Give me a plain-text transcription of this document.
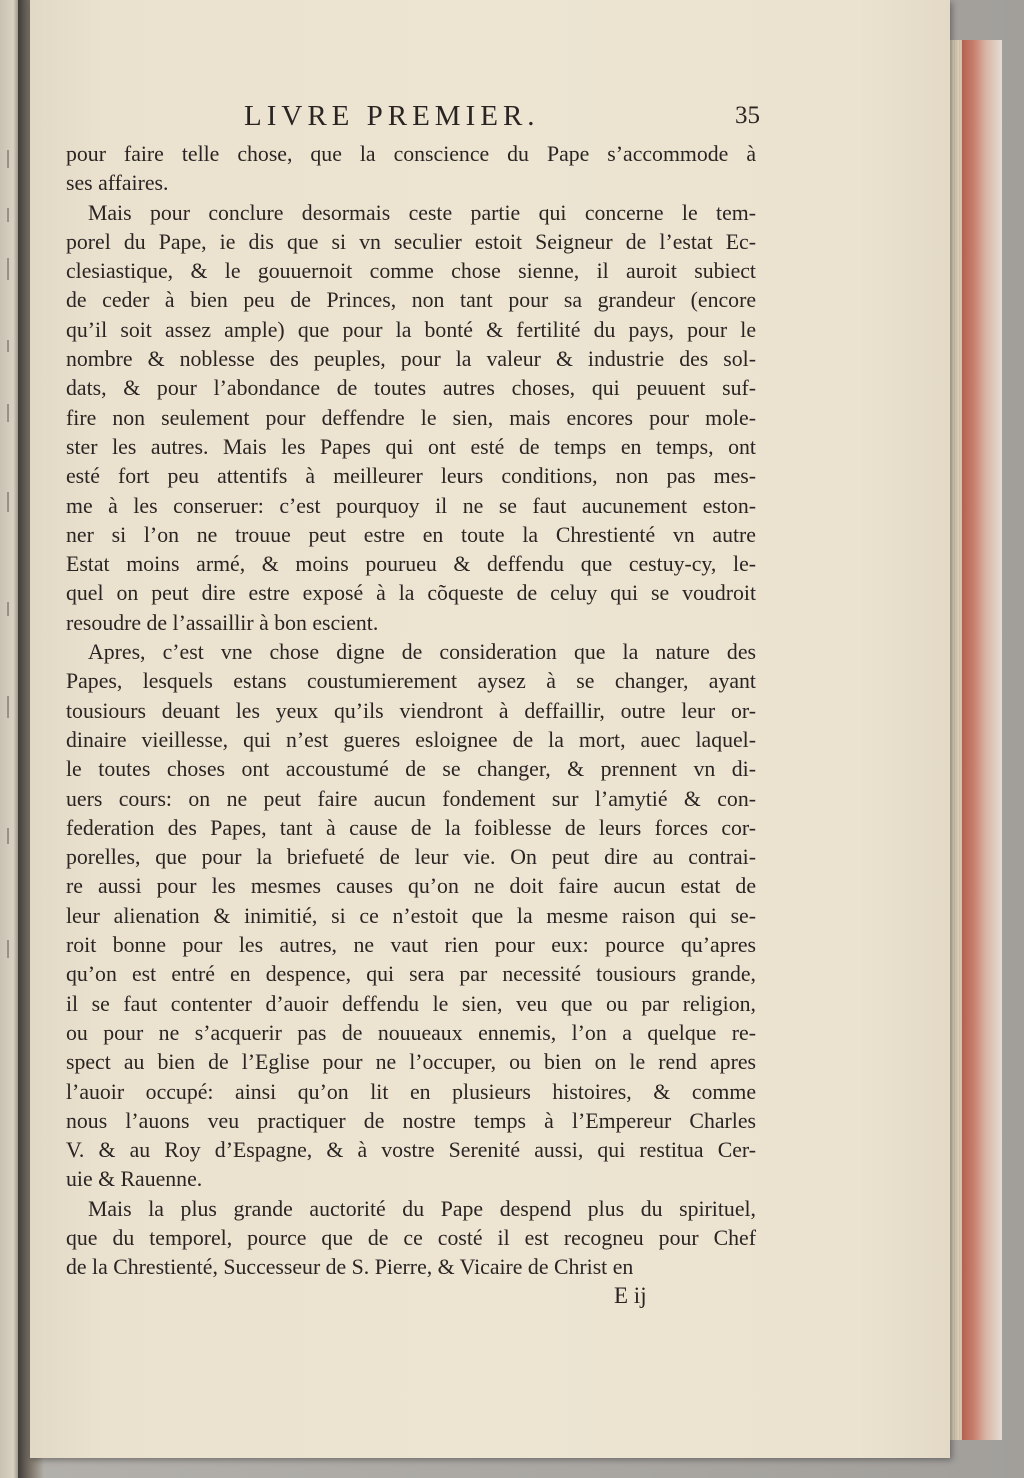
LIVRE PREMIER.	35

pour faire telle chose, que la conscience du Pape s’accommode à
ses affaires.

Mais pour conclure desormais ceste partie qui concerne le tem-
porel du Pape, ie dis que si vn seculier estoit Seigneur de l’estat Ec-
clesiastique, & le gouuernoit comme chose sienne, il auroit subiect
de ceder à bien peu de Princes, non tant pour sa grandeur (encore
qu’il soit assez ample) que pour la bonté & fertilité du pays, pour le
nombre & noblesse des peuples, pour la valeur & industrie des sol-
dats, & pour l’abondance de toutes autres choses, qui peuuent suf-
fire non seulement pour deffendre le sien, mais encores pour mole-
ster les autres. Mais les Papes qui ont esté de temps en temps, ont
esté fort peu attentifs à meilleurer leurs conditions, non pas mes-
me à les conseruer: c’est pourquoy il ne se faut aucunement eston-
ner si l’on ne trouue peut estre en toute la Chrestienté vn autre
Estat moins armé, & moins pourueu & deffendu que cestuy-cy, le-
quel on peut dire estre exposé à la cõqueste de celuy qui se voudroit
resoudre de l’assaillir à bon escient.

Apres, c’est vne chose digne de consideration que la nature des
Papes, lesquels estans coustumierement aysez à se changer, ayant
tousiours deuant les yeux qu’ils viendront à deffaillir, outre leur or-
dinaire vieillesse, qui n’est gueres esloignee de la mort, auec laquel-
le toutes choses ont accoustumé de se changer, & prennent vn di-
uers cours: on ne peut faire aucun fondement sur l’amytié & con-
federation des Papes, tant à cause de la foiblesse de leurs forces cor-
porelles, que pour la briefueté de leur vie. On peut dire au contrai-
re aussi pour les mesmes causes qu’on ne doit faire aucun estat de
leur alienation & inimitié, si ce n’estoit que la mesme raison qui se-
roit bonne pour les autres, ne vaut rien pour eux: pource qu’apres
qu’on est entré en despence, qui sera par necessité tousiours grande,
il se faut contenter d’auoir deffendu le sien, veu que ou par religion,
ou pour ne s’acquerir pas de nouueaux ennemis, l’on a quelque re-
spect au bien de l’Eglise pour ne l’occuper, ou bien on le rend apres
l’auoir occupé: ainsi qu’on lit en plusieurs histoires, & comme
nous l’auons veu practiquer de nostre temps à l’Empereur Charles
V. & au Roy d’Espagne, & à vostre Serenité aussi, qui restitua Cer-
uie & Rauenne.

Mais la plus grande auctorité du Pape despend plus du spirituel,
que du temporel, pource que de ce costé il est recogneu pour Chef
de la Chrestienté, Successeur de S. Pierre, & Vicaire de Christ en

E ij
